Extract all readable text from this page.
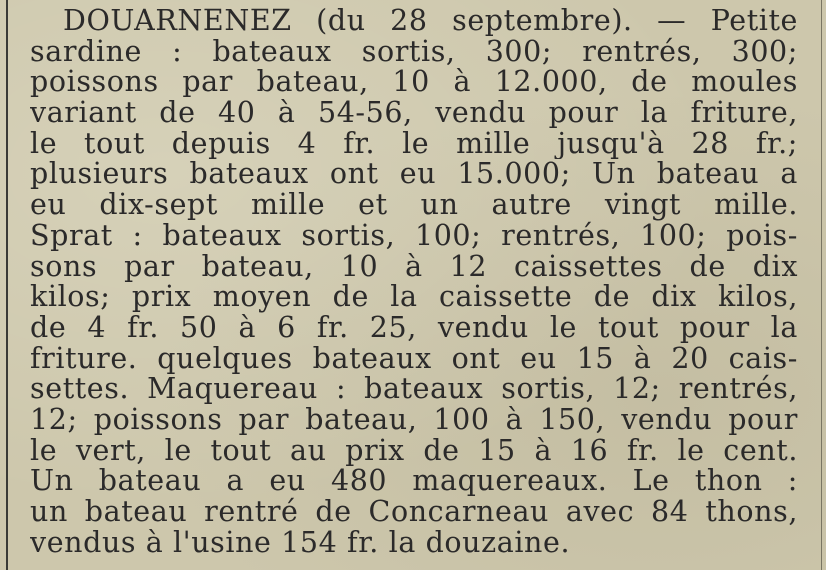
DOUARNENEZ (du 28 septembre). — Petite
sardine : bateaux sortis, 300; rentrés, 300;
poissons par bateau, 10 à 12.000, de moules
variant de 40 à 54-56, vendu pour la friture,
le tout depuis 4 fr. le mille jusqu'à 28 fr.;
plusieurs bateaux ont eu 15.000; Un bateau a
eu dix-sept mille et un autre vingt mille.
Sprat : bateaux sortis, 100; rentrés, 100; pois-
sons par bateau, 10 à 12 caissettes de dix
kilos; prix moyen de la caissette de dix kilos,
de 4 fr. 50 à 6 fr. 25, vendu le tout pour la
friture. quelques bateaux ont eu 15 à 20 cais-
settes. Maquereau : bateaux sortis, 12; rentrés,
12; poissons par bateau, 100 à 150, vendu pour
le vert, le tout au prix de 15 à 16 fr. le cent.
Un bateau a eu 480 maquereaux. Le thon :
un bateau rentré de Concarneau avec 84 thons,
vendus à l'usine 154 fr. la douzaine.
